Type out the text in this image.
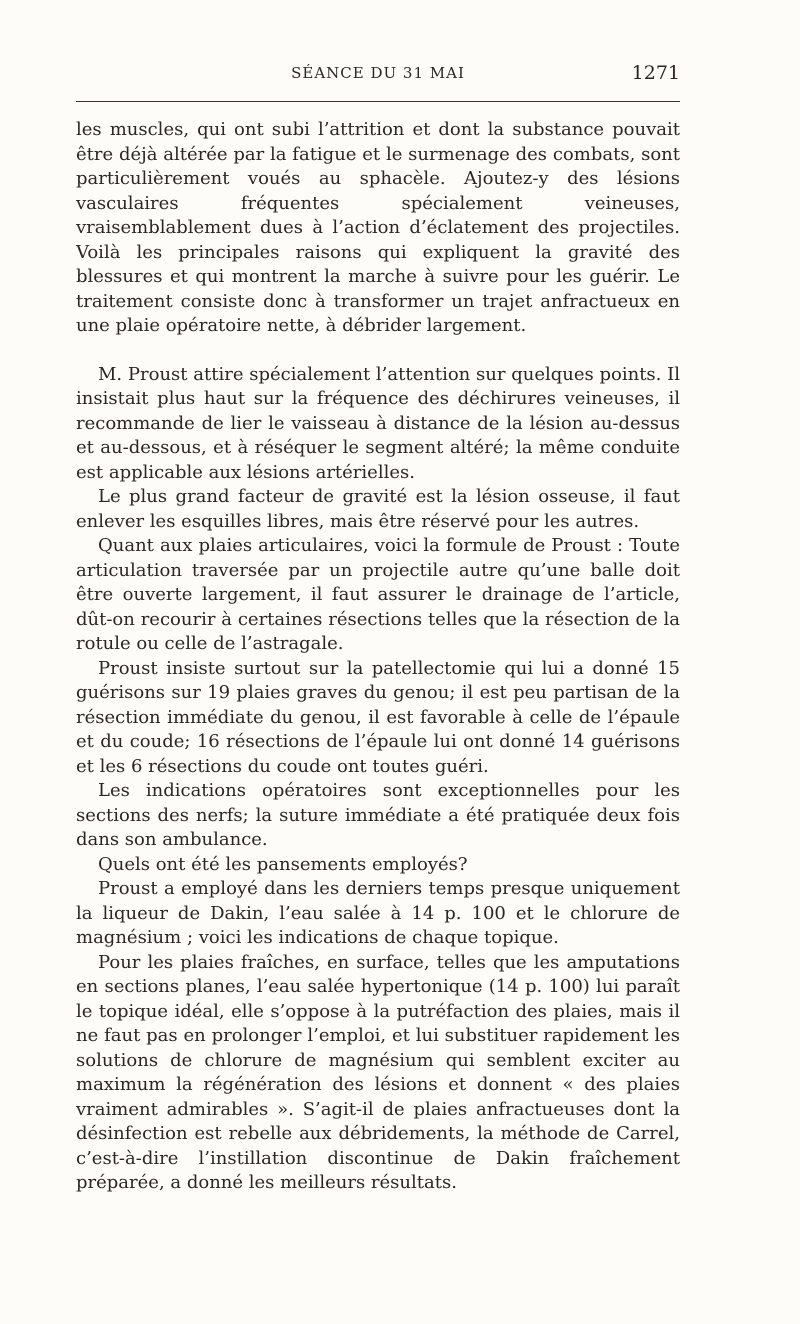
SÉANCE DU 31 MAI	1271

les muscles, qui ont subi l’attrition et dont la substance pouvait être déjà altérée par la fatigue et le surmenage des combats, sont particulièrement voués au sphacèle. Ajoutez-y des lésions vasculaires fréquentes spécialement veineuses, vraisemblablement dues à l’action d’éclatement des projectiles. Voilà les principales raisons qui expliquent la gravité des blessures et qui montrent la marche à suivre pour les guérir. Le traitement consiste donc à transformer un trajet anfractueux en une plaie opératoire nette, à débrider largement.

M. Proust attire spécialement l’attention sur quelques points. Il insistait plus haut sur la fréquence des déchirures veineuses, il recommande de lier le vaisseau à distance de la lésion au-dessus et au-dessous, et à réséquer le segment altéré; la même conduite est applicable aux lésions artérielles.

Le plus grand facteur de gravité est la lésion osseuse, il faut enlever les esquilles libres, mais être réservé pour les autres.

Quant aux plaies articulaires, voici la formule de Proust : Toute articulation traversée par un projectile autre qu’une balle doit être ouverte largement, il faut assurer le drainage de l’article, dût-on recourir à certaines résections telles que la résection de la rotule ou celle de l’astragale.

Proust insiste surtout sur la patellectomie qui lui a donné 15 guérisons sur 19 plaies graves du genou; il est peu partisan de la résection immédiate du genou, il est favorable à celle de l’épaule et du coude; 16 résections de l’épaule lui ont donné 14 guérisons et les 6 résections du coude ont toutes guéri.

Les indications opératoires sont exceptionnelles pour les sections des nerfs; la suture immédiate a été pratiquée deux fois dans son ambulance.

Quels ont été les pansements employés?

Proust a employé dans les derniers temps presque uniquement la liqueur de Dakin, l’eau salée à 14 p. 100 et le chlorure de magnésium ; voici les indications de chaque topique.

Pour les plaies fraîches, en surface, telles que les amputations en sections planes, l’eau salée hypertonique (14 p. 100) lui paraît le topique idéal, elle s’oppose à la putréfaction des plaies, mais il ne faut pas en prolonger l’emploi, et lui substituer rapidement les solutions de chlorure de magnésium qui semblent exciter au maximum la régénération des lésions et donnent « des plaies vraiment admirables ». S’agit-il de plaies anfractueuses dont la désinfection est rebelle aux débridements, la méthode de Carrel, c’est-à-dire l’instillation discontinue de Dakin fraîchement préparée, a donné les meilleurs résultats.
